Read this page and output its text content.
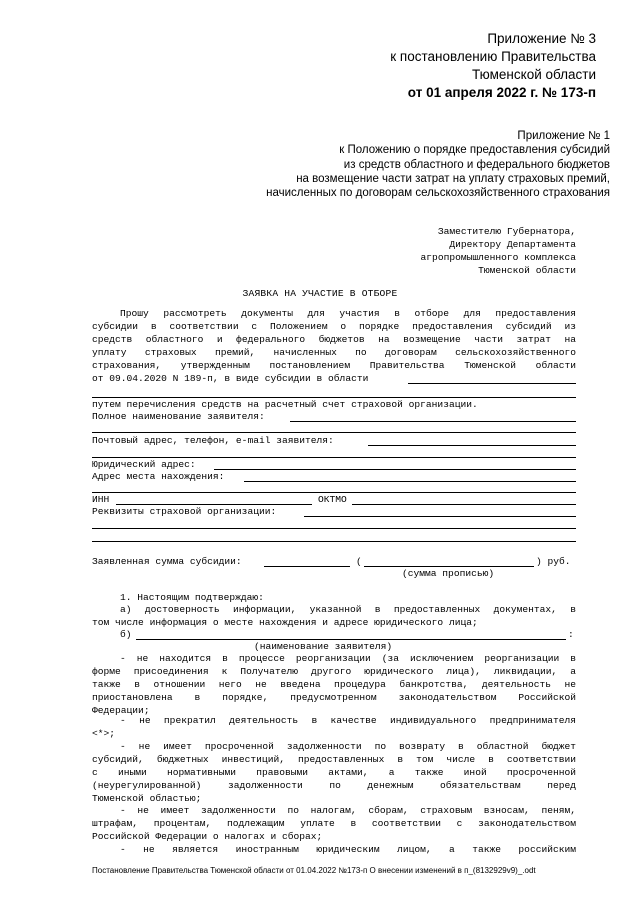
Приложение № 3
к постановлению Правительства
Тюменской области
от 01 апреля 2022 г. № 173-п
Приложение № 1
к Положению о порядке предоставления субсидий
из средств областного и федерального бюджетов
на возмещение части затрат на уплату страховых премий,
начисленных по договорам сельскохозяйственного страхования
Заместителю Губернатора,
Директору Департамента
агропромышленного комплекса
Тюменской области
ЗАЯВКА НА УЧАСТИЕ В ОТБОРЕ
Прошу рассмотреть документы для участия в отборе для предоставления
субсидии в соответствии с Положением о порядке предоставления субсидий из
средств областного и федерального бюджетов на возмещение части затрат на
уплату страховых премий, начисленных по договорам сельскохозяйственного
страхования, утвержденным постановлением Правительства Тюменской области
от 09.04.2020 N 189-п, в виде субсидии в области
путем перечисления средств на расчетный счет страховой организации.
Полное наименование заявителя:
Почтовый адрес, телефон, e-mail заявителя:
Юридический адрес:
Адрес места нахождения:
ИНН	ОКТМО
Реквизиты страховой организации:
Заявленная сумма субсидии:	(	) руб.
(сумма прописью)
1. Настоящим подтверждаю:
а) достоверность информации, указанной в предоставленных документах, в
том числе информация о месте нахождения и адресе юридического лица;
б)	:
(наименование заявителя)
- не находится в процессе реорганизации (за исключением реорганизации в
форме присоединения к Получателю другого юридического лица), ликвидации, а
также в отношении него не введена процедура банкротства, деятельность не
приостановлена в порядке, предусмотренном законодательством Российской
Федерации;
- не прекратил деятельность в качестве индивидуального предпринимателя
<*>;
- не имеет просроченной задолженности по возврату в областной бюджет
субсидий, бюджетных инвестиций, предоставленных в том числе в соответствии
с иными нормативными правовыми актами, а также иной просроченной
(неурегулированной) задолженности по денежным обязательствам перед
Тюменской областью;
- не имеет задолженности по налогам, сборам, страховым взносам, пеням,
штрафам, процентам, подлежащим уплате в соответствии с законодательством
Российской Федерации о налогах и сборах;
- не является иностранным юридическим лицом, а также российским
Постановление Правительства Тюменской области от 01.04.2022 №173-п О внесении изменений в п_(8132929v9)_.odt
